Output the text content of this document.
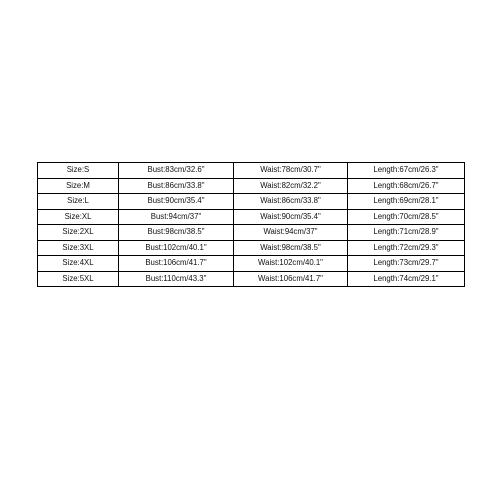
Size:S	Bust:83cm/32.6"	Waist:78cm/30.7"	Length:67cm/26.3"
Size:M	Bust:86cm/33.8"	Waist:82cm/32.2"	Length:68cm/26.7"
Size:L	Bust:90cm/35.4"	Waist:86cm/33.8"	Length:69cm/28.1"
Size:XL	Bust:94cm/37"	Waist:90cm/35.4"	Length:70cm/28.5"
Size:2XL	Bust:98cm/38.5"	Waist:94cm/37"	Length:71cm/28.9"
Size:3XL	Bust:102cm/40.1"	Waist:98cm/38.5"	Length:72cm/29.3"
Size:4XL	Bust:106cm/41.7"	Waist:102cm/40.1"	Length:73cm/29.7"
Size:5XL	Bust:110cm/43.3"	Waist:106cm/41.7"	Length:74cm/29.1"
